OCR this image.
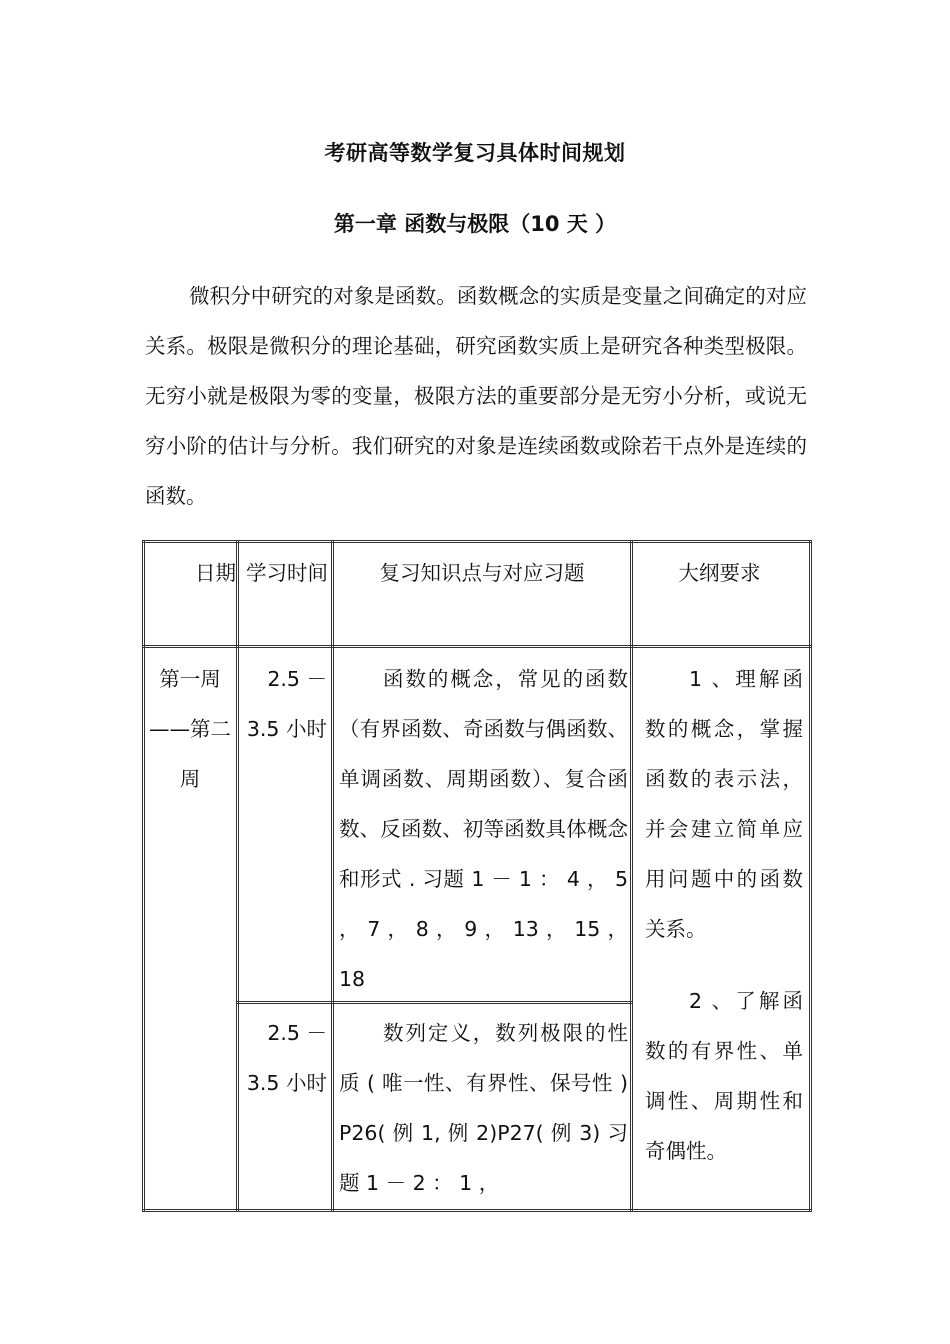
考研高等数学复习具体时间规划
第一章 函数与极限（10 天 ）
微积分中研究的对象是函数。函数概念的实质是变量之间确定的对应关系。极限是微积分的理论基础，研究函数实质上是研究各种类型极限。无穷小就是极限为零的变量，极限方法的重要部分是无穷小分析，或说无穷小阶的估计与分析。我们研究的对象是连续函数或除若干点外是连续的函数。
日期 学习时间	复习知识点与对应习题	大纲要求
第一周——第二周
2.5 － 3.5 小时
函数的概念，常见的函数（有界函数、奇函数与偶函数、单调函数、周期函数）、复合函数、反函数、初等函数具体概念和形式 . 习题 1 － 1 ： 4 ， 5 ， 7 ， 8 ， 9 ， 13 ， 15 ， 18
2.5 － 3.5 小时
数列定义，数列极限的性质 ( 唯一性、有界性、保号性 ) P26( 例 1, 例 2)P27( 例 3) 习题 1 － 2 ： 1 ，
1 、理解函数的概念，掌握函数的表示法，并会建立简单应用问题中的函数关系。
2 、了解函数的有界性、单调性、周期性和奇偶性。
